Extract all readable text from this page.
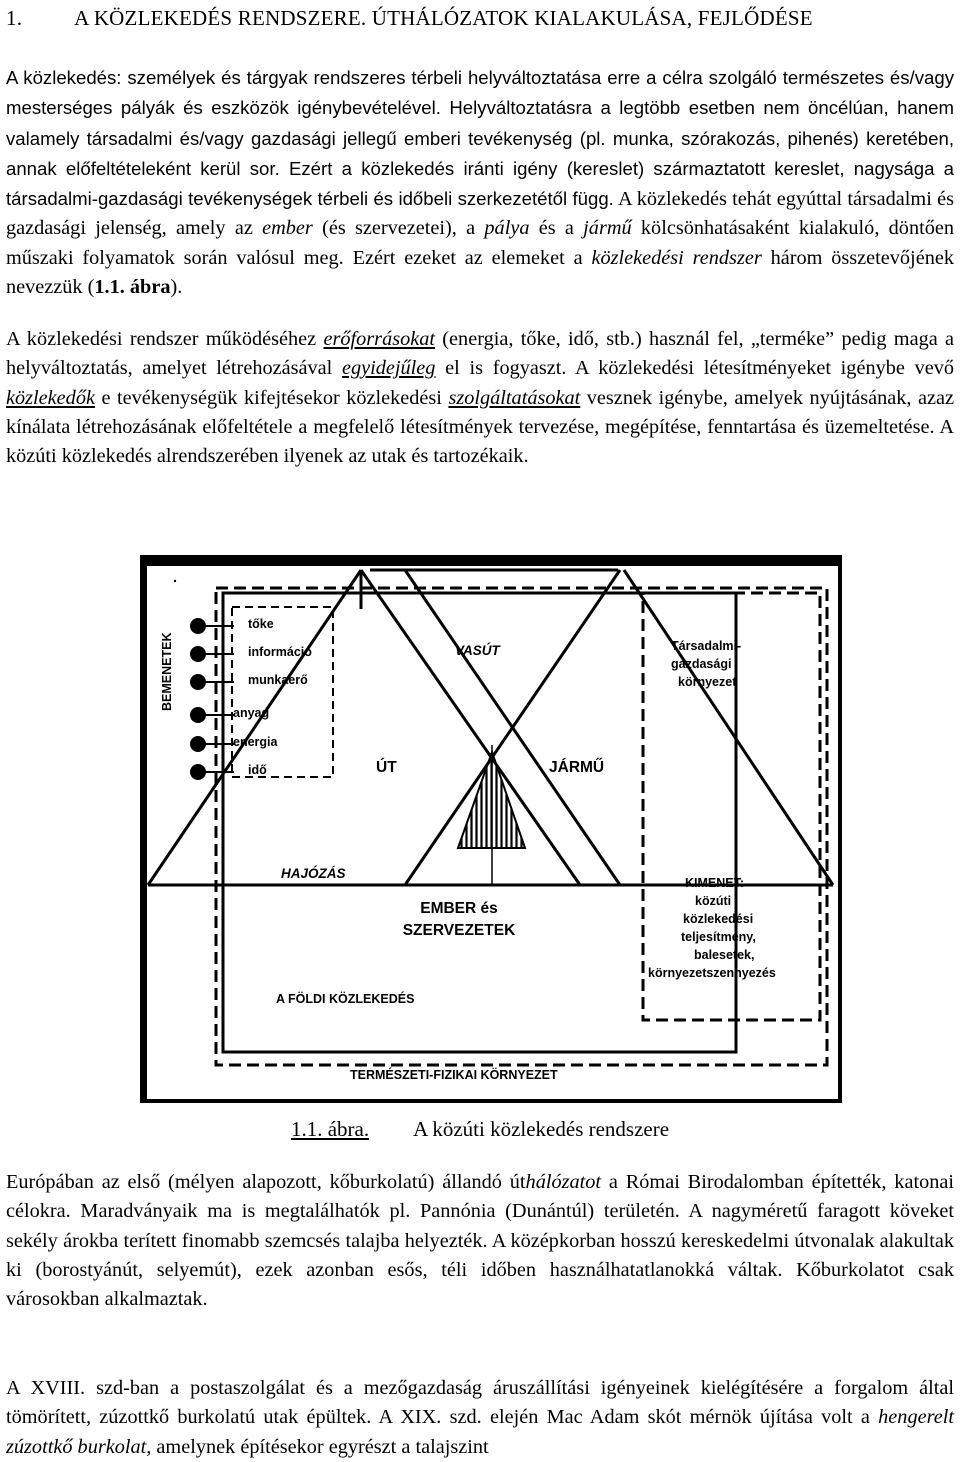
1. A KÖZLEKEDÉS RENDSZERE. ÚTHÁLÓZATOK KIALAKULÁSA, FEJLŐDÉSE

A közlekedés: személyek és tárgyak rendszeres térbeli helyváltoztatása erre a célra szolgáló természetes és/vagy mesterséges pályák és eszközök igénybevételével. Helyváltoztatásra a legtöbb esetben nem öncélúan, hanem valamely társadalmi és/vagy gazdasági jellegű emberi tevékenység (pl. munka, szórakozás, pihenés) keretében, annak előfeltételeként kerül sor. Ezért a közlekedés iránti igény (kereslet) származtatott kereslet, nagysága a társadalmi-gazdasági tevékenységek térbeli és időbeli szerkezetétől függ. A közlekedés tehát egyúttal társadalmi és gazdasági jelenség, amely az ember (és szervezetei), a pálya és a jármű kölcsönhatásaként kialakuló, döntően műszaki folyamatok során valósul meg. Ezért ezeket az elemeket a közlekedési rendszer három összetevőjének nevezzük (1.1. ábra).

A közlekedési rendszer működéséhez erőforrásokat (energia, tőke, idő, stb.) használ fel, „terméke” pedig maga a helyváltoztatás, amelyet létrehozásával egyidejűleg el is fogyaszt. A közlekedési létesítményeket igénybe vevő közlekedők e tevékenységük kifejtésekor közlekedési szolgáltatásokat vesznek igénybe, amelyek nyújtásának, azaz kínálata létrehozásának előfeltétele a megfelelő létesítmények tervezése, megépítése, fenntartása és üzemeltetése. A közúti közlekedés alrendszerében ilyenek az utak és tartozékaik.

BEMENETEK
tőke
információ
munkaerő
anyag
energia
idő
VASÚT	Társadalmi-
gazdasági
környezet
ÚT	JÁRMŰ
HAJÓZÁS
EMBER és
SZERVEZETEK
KIMENET:
közúti
közlekedési
teljesítmény,
balesetek,
környezetszennyezés
A FÖLDI KÖZLEKEDÉS
TERMÉSZETI-FIZIKAI KÖRNYEZET
1.1. ábra. A közúti közlekedés rendszere

Európában az első (mélyen alapozott, kőburkolatú) állandó úthálózatot a Római Birodalomban építették, katonai célokra. Maradványaik ma is megtalálhatók pl. Pannónia (Dunántúl) területén. A nagyméretű faragott köveket sekély árokba terített finomabb szemcsés talajba helyezték. A középkorban hosszú kereskedelmi útvonalak alakultak ki (borostyánút, selyemút), ezek azonban esős, téli időben használhatatlanokká váltak. Kőburkolatot csak városokban alkalmaztak.

A XVIII. szd-ban a postaszolgálat és a mezőgazdaság áruszállítási igényeinek kielégítésére a forgalom által tömörített, zúzottkő burkolatú utak épültek. A XIX. szd. elején Mac Adam skót mérnök újítása volt a hengerelt zúzottkő burkolat, amelynek építésekor egyrészt a talajszint
